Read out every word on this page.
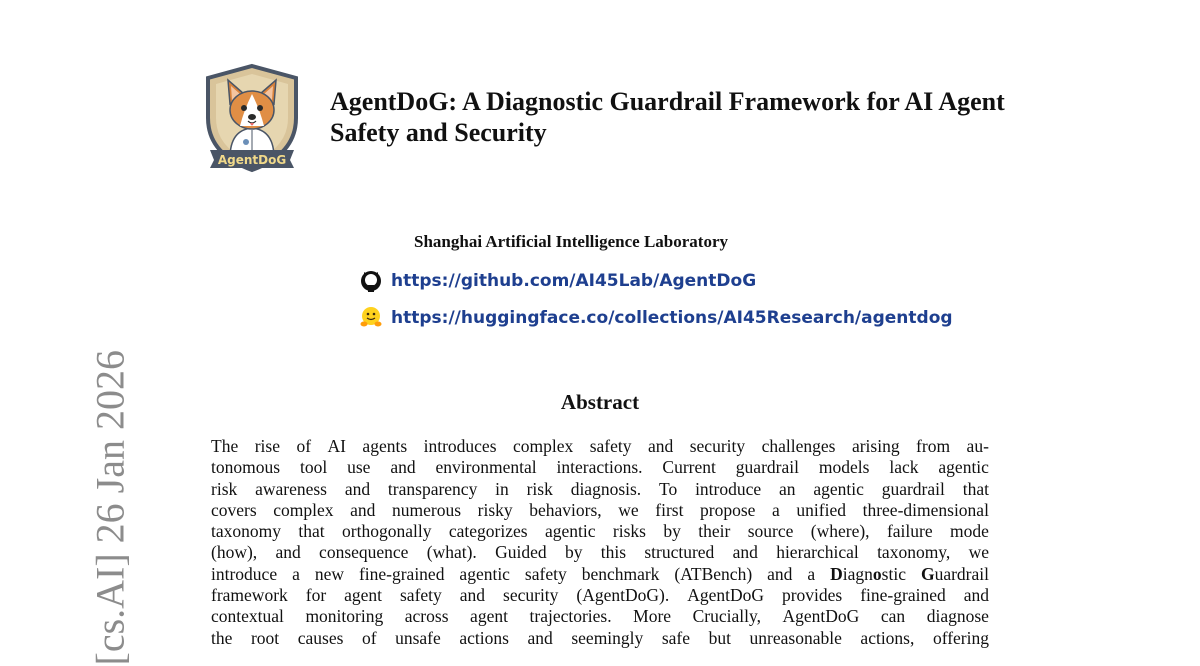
[cs.AI] 26 Jan 2026
AgentDoG
AgentDoG: A Diagnostic Guardrail Framework for AI Agent Safety and Security
Shanghai Artificial Intelligence Laboratory
https://github.com/AI45Lab/AgentDoG
https://huggingface.co/collections/AI45Research/agentdog
Abstract
The rise of AI agents introduces complex safety and security challenges arising from au-
tonomous tool use and environmental interactions. Current guardrail models lack agentic
risk awareness and transparency in risk diagnosis. To introduce an agentic guardrail that
covers complex and numerous risky behaviors, we first propose a unified three-dimensional
taxonomy that orthogonally categorizes agentic risks by their source (where), failure mode
(how), and consequence (what). Guided by this structured and hierarchical taxonomy, we
introduce a new fine-grained agentic safety benchmark (ATBench) and a Diagnostic Guardrail
framework for agent safety and security (AgentDoG). AgentDoG provides fine-grained and
contextual monitoring across agent trajectories. More Crucially, AgentDoG can diagnose
the root causes of unsafe actions and seemingly safe but unreasonable actions, offering
